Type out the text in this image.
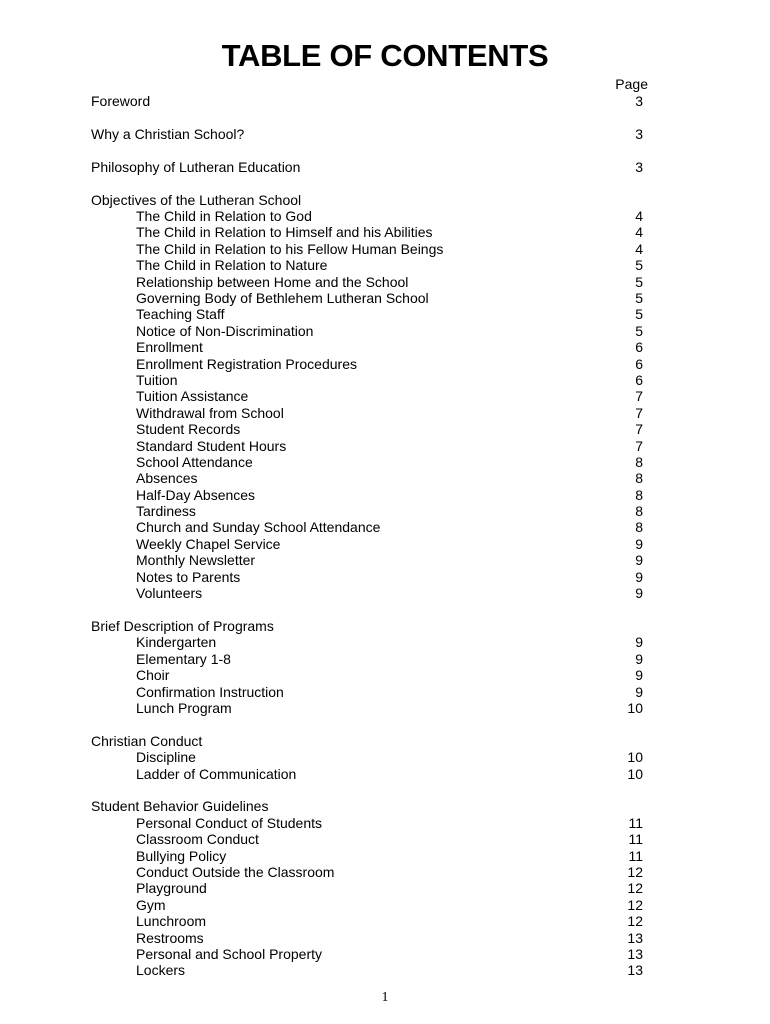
TABLE OF CONTENTS
Page
Foreword	3
Why a Christian School?	3
Philosophy of Lutheran Education	3
Objectives of the Lutheran School
The Child in Relation to God	4
The Child in Relation to Himself and his Abilities	4
The Child in Relation to his Fellow Human Beings	4
The Child in Relation to Nature	5
Relationship between Home and the School	5
Governing Body of Bethlehem Lutheran School	5
Teaching Staff	5
Notice of Non-Discrimination	5
Enrollment	6
Enrollment Registration Procedures	6
Tuition	6
Tuition Assistance	7
Withdrawal from School	7
Student Records	7
Standard Student Hours	7
School Attendance	8
Absences	8
Half-Day Absences	8
Tardiness	8
Church and Sunday School Attendance	8
Weekly Chapel Service	9
Monthly Newsletter	9
Notes to Parents	9
Volunteers	9
Brief Description of Programs
Kindergarten	9
Elementary 1-8	9
Choir	9
Confirmation Instruction	9
Lunch Program	10
Christian Conduct
Discipline	10
Ladder of Communication	10
Student Behavior Guidelines
Personal Conduct of Students	11
Classroom Conduct	11
Bullying Policy	11
Conduct Outside the Classroom	12
Playground	12
Gym	12
Lunchroom	12
Restrooms	13
Personal and School Property	13
Lockers	13
1
